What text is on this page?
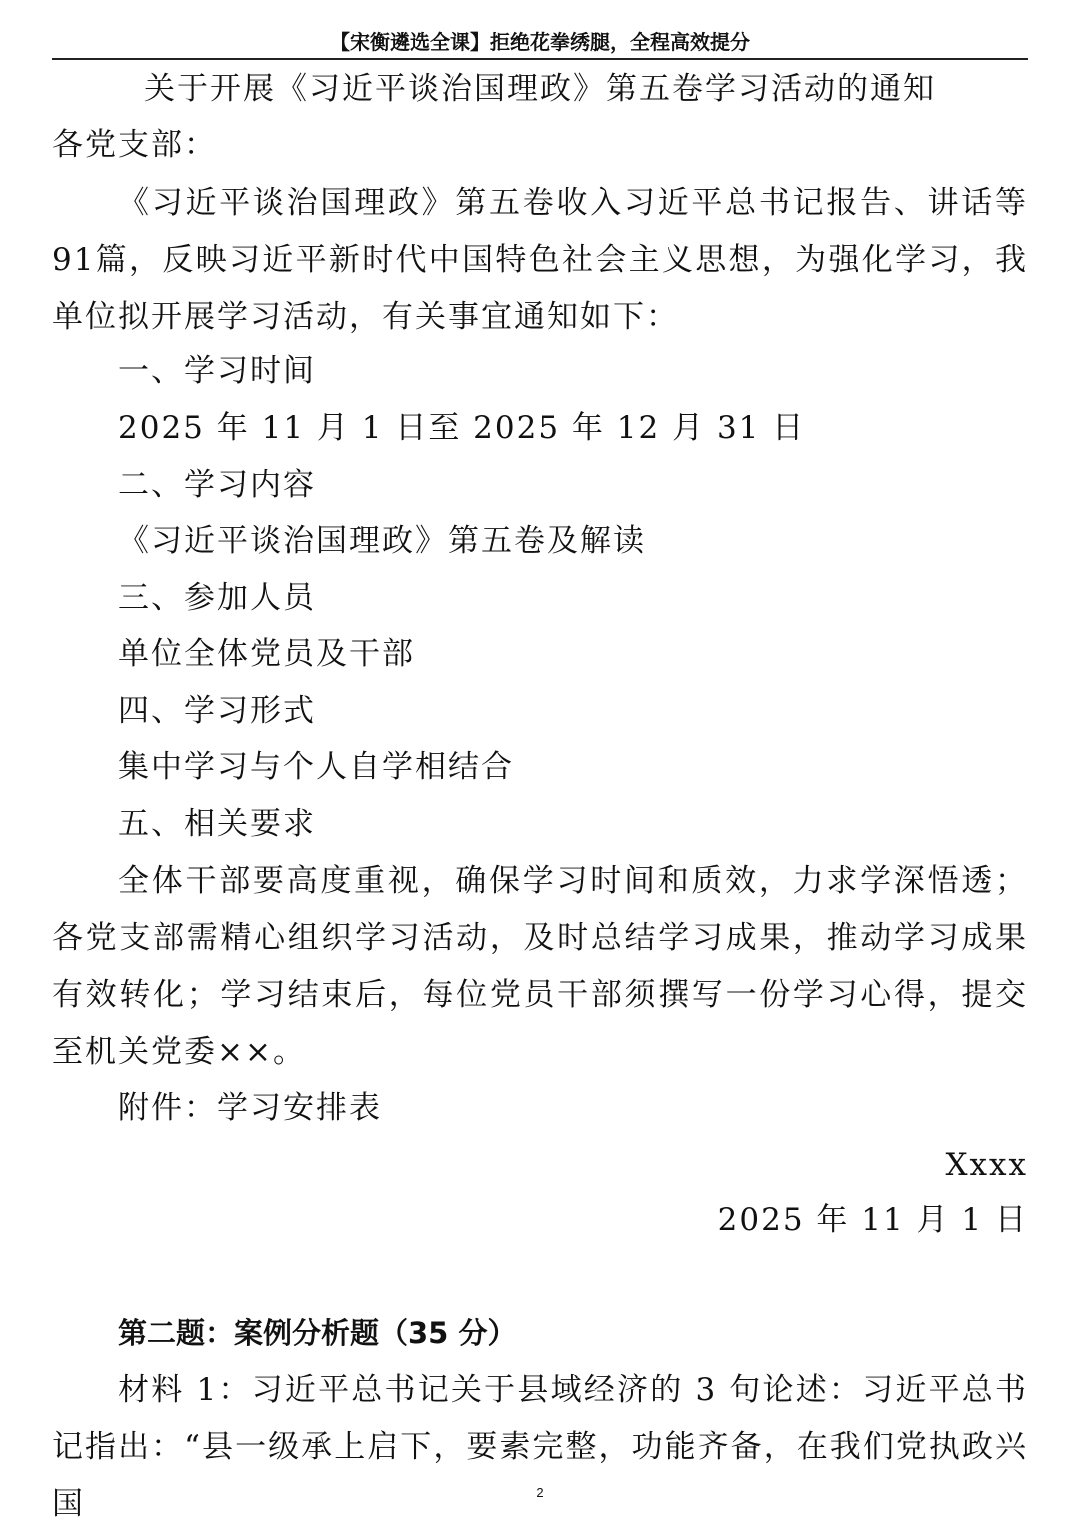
【宋衡遴选全课】拒绝花拳绣腿，全程高效提分
关于开展《习近平谈治国理政》第五卷学习活动的通知
各党支部：
《习近平谈治国理政》第五卷收入习近平总书记报告、讲话等91篇，反映习近平新时代中国特色社会主义思想，为强化学习，我单位拟开展学习活动，有关事宜通知如下：
一、学习时间
2025 年 11 月 1 日至 2025 年 12 月 31 日
二、学习内容
《习近平谈治国理政》第五卷及解读
三、参加人员
单位全体党员及干部
四、学习形式
集中学习与个人自学相结合
五、相关要求
全体干部要高度重视，确保学习时间和质效，力求学深悟透；各党支部需精心组织学习活动，及时总结学习成果，推动学习成果有效转化；学习结束后，每位党员干部须撰写一份学习心得，提交至机关党委××。
附件：学习安排表
Xxxx
2025 年 11 月 1 日
第二题：案例分析题（35 分）
材料 1：习近平总书记关于县域经济的 3 句论述：习近平总书记指出：“县一级承上启下，要素完整，功能齐备，在我们党执政兴国	2
